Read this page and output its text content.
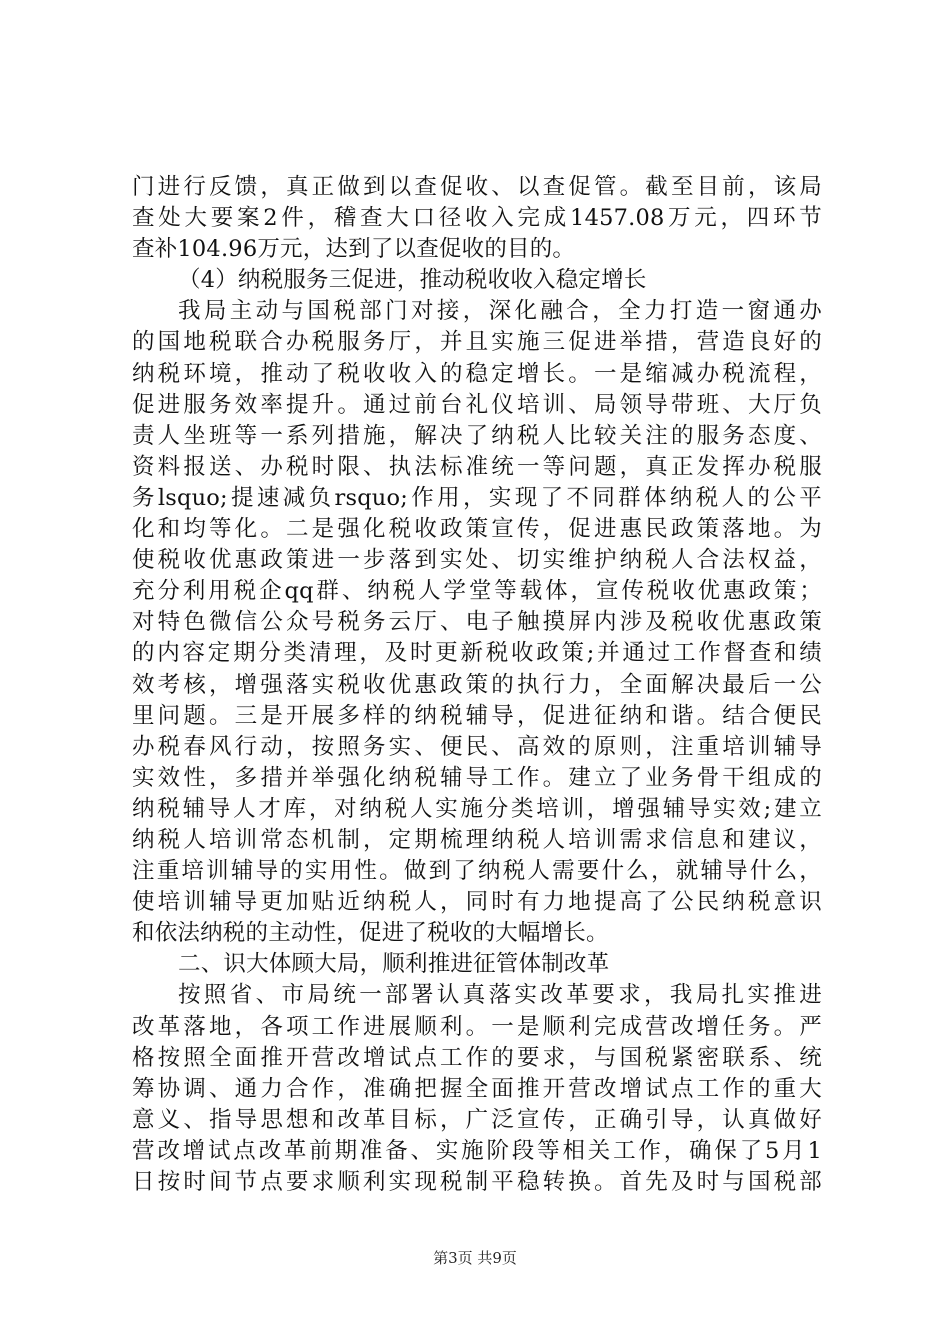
门进行反馈，真正做到以查促收、以查促管。截至目前，该局
查处大要案2件，稽查大口径收入完成1457.08万元，四环节
查补104.96万元，达到了以查促收的目的。
（4）纳税服务三促进，推动税收收入稳定增长
我局主动与国税部门对接，深化融合，全力打造一窗通办
的国地税联合办税服务厅，并且实施三促进举措，营造良好的
纳税环境，推动了税收收入的稳定增长。一是缩减办税流程，
促进服务效率提升。通过前台礼仪培训、局领导带班、大厅负
责人坐班等一系列措施，解决了纳税人比较关注的服务态度、
资料报送、办税时限、执法标准统一等问题，真正发挥办税服
务lsquo;提速减负rsquo;作用，实现了不同群体纳税人的公平
化和均等化。二是强化税收政策宣传，促进惠民政策落地。为
使税收优惠政策进一步落到实处、切实维护纳税人合法权益，
充分利用税企qq群、纳税人学堂等载体，宣传税收优惠政策；
对特色微信公众号税务云厅、电子触摸屏内涉及税收优惠政策
的内容定期分类清理，及时更新税收政策;并通过工作督查和绩
效考核，增强落实税收优惠政策的执行力，全面解决最后一公
里问题。三是开展多样的纳税辅导，促进征纳和谐。结合便民
办税春风行动，按照务实、便民、高效的原则，注重培训辅导
实效性，多措并举强化纳税辅导工作。建立了业务骨干组成的
纳税辅导人才库，对纳税人实施分类培训，增强辅导实效;建立
纳税人培训常态机制，定期梳理纳税人培训需求信息和建议，
注重培训辅导的实用性。做到了纳税人需要什么，就辅导什么，
使培训辅导更加贴近纳税人，同时有力地提高了公民纳税意识
和依法纳税的主动性，促进了税收的大幅增长。
二、识大体顾大局，顺利推进征管体制改革
按照省、市局统一部署认真落实改革要求，我局扎实推进
改革落地，各项工作进展顺利。一是顺利完成营改增任务。严
格按照全面推开营改增试点工作的要求，与国税紧密联系、统
筹协调、通力合作，准确把握全面推开营改增试点工作的重大
意义、指导思想和改革目标，广泛宣传，正确引导，认真做好
营改增试点改革前期准备、实施阶段等相关工作，确保了5月1
日按时间节点要求顺利实现税制平稳转换。首先及时与国税部
第3页 共9页
